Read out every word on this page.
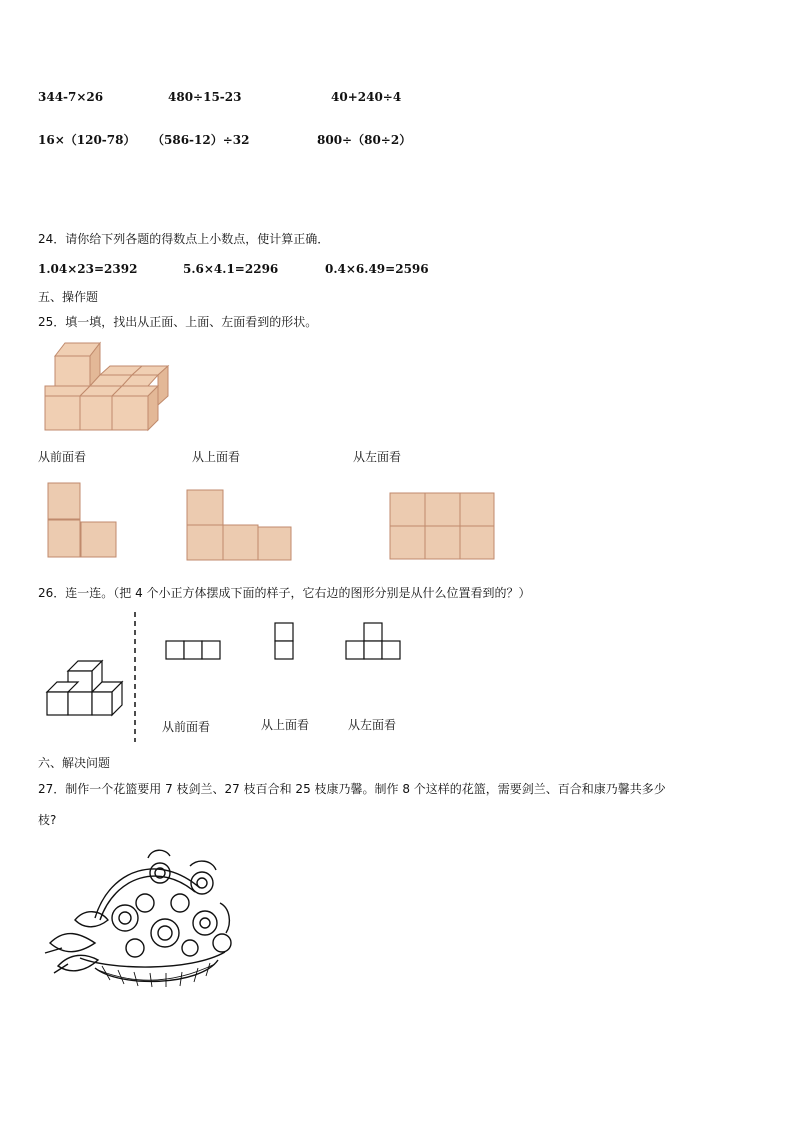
344-7×26	480÷15-23	40+240÷4
16×（120-78） （586-12）÷32	800÷（80÷2）
24．请你给下列各题的得数点上小数点，使计算正确．
1.04×23=2392	5.6×4.1=2296	0.4×6.49=2596
五、操作题
25．填一填，找出从正面、上面、左面看到的形状。
从前面看	从上面看	从左面看
26．连一连。（把 4 个小正方体摆成下面的样子，它右边的图形分别是从什么位置看到的？）
从前面看	从上面看	从左面看
六、解决问题
27．制作一个花篮要用 7 枝剑兰、27 枝百合和 25 枝康乃馨。制作 8 个这样的花篮，需要剑兰、百合和康乃馨共多少
枝?
